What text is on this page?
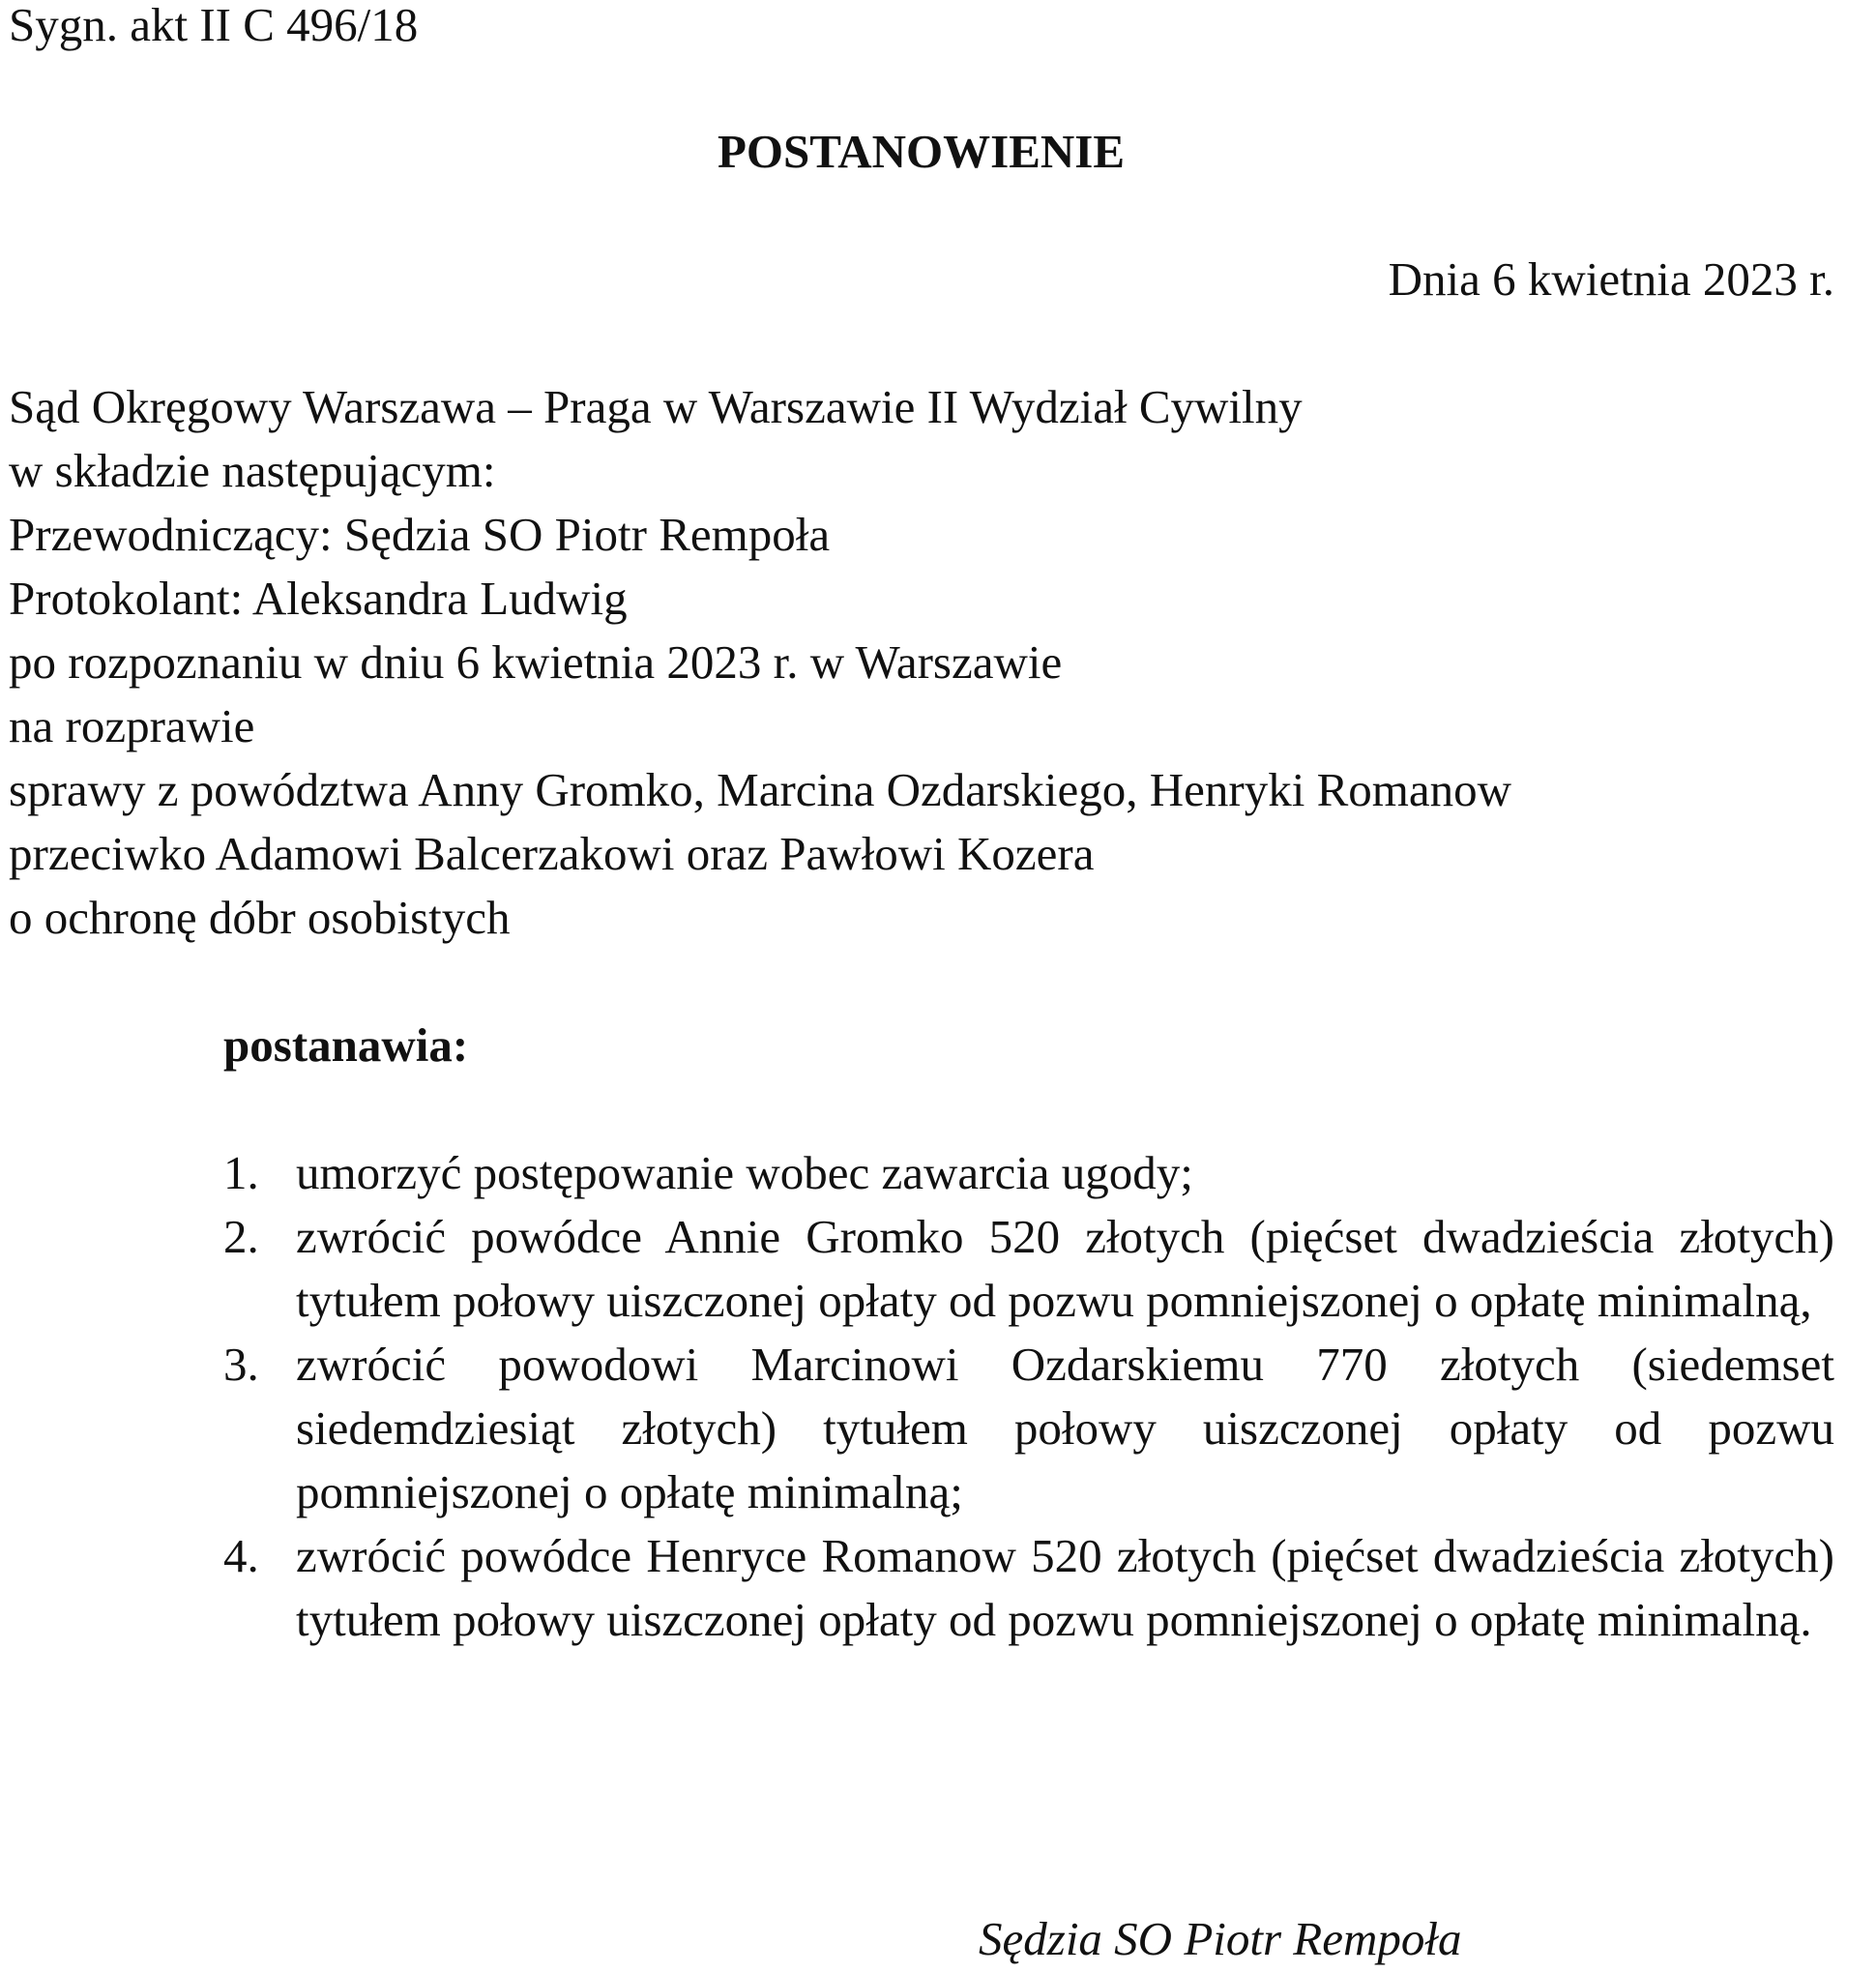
Sygn. akt II C 496/18
POSTANOWIENIE
Dnia 6 kwietnia 2023 r.
Sąd Okręgowy Warszawa – Praga w Warszawie II Wydział Cywilny
w składzie następującym:
Przewodniczący: Sędzia SO Piotr Rempoła
Protokolant: Aleksandra Ludwig
po rozpoznaniu w dniu 6 kwietnia 2023 r. w Warszawie
na rozprawie
sprawy z powództwa Anny Gromko, Marcina Ozdarskiego, Henryki Romanow
przeciwko Adamowi Balcerzakowi oraz Pawłowi Kozera
o ochronę dóbr osobistych
postanawia:
1. umorzyć postępowanie wobec zawarcia ugody;
2. zwrócić powódce Annie Gromko 520 złotych (pięćset dwadzieścia złotych) tytułem połowy uiszczonej opłaty od pozwu pomniejszonej o opłatę minimalną,
3. zwrócić powodowi Marcinowi Ozdarskiemu 770 złotych (siedemset siedemdziesiąt złotych) tytułem połowy uiszczonej opłaty od pozwu pomniejszonej o opłatę minimalną;
4. zwrócić powódce Henryce Romanow 520 złotych (pięćset dwadzieścia złotych) tytułem połowy uiszczonej opłaty od pozwu pomniejszonej o opłatę minimalną.
Sędzia SO Piotr Rempoła
